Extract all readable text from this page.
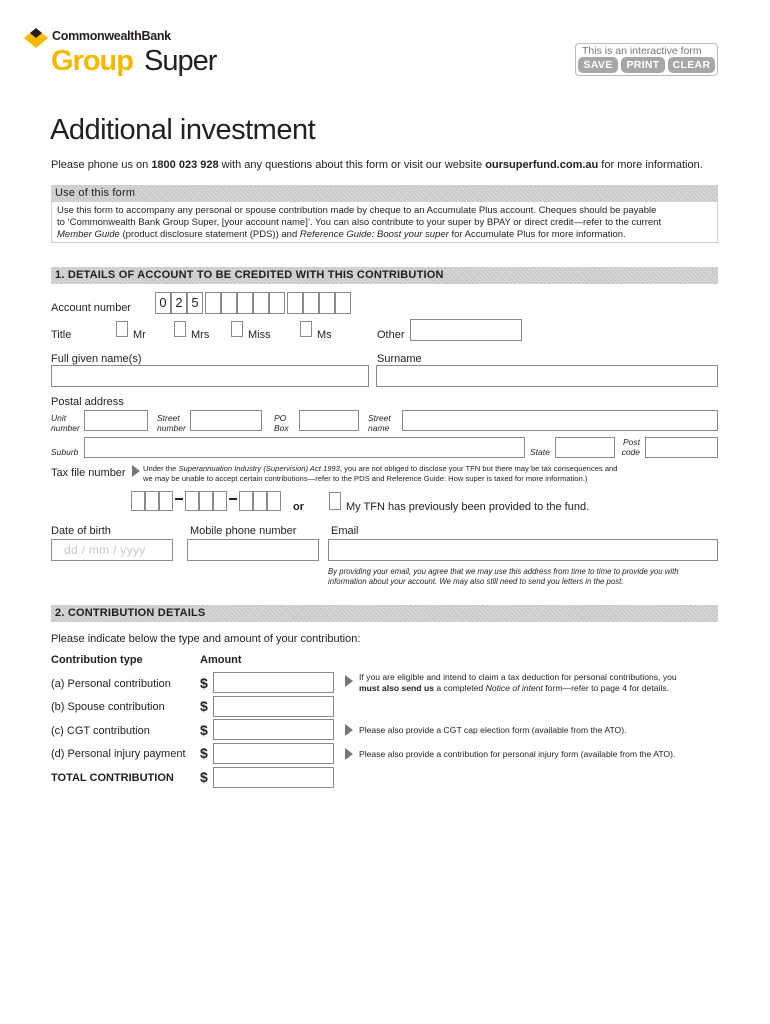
CommonwealthBank
Group Super	This is an interactive form
SAVE	PRINT	CLEAR
Additional investment
Please phone us on 1800 023 928 with any questions about this form or visit our website oursuperfund.com.au for more information.
Use of this form
Use this form to accompany any personal or spouse contribution made by cheque to an Accumulate Plus account. Cheques should be payable
to ‘Commonwealth Bank Group Super, [your account name]’. You can also contribute to your super by BPAY or direct credit—refer to the current
Member Guide (product disclosure statement (PDS)) and Reference Guide: Boost your super for Accumulate Plus for more information.
1. DETAILS OF ACCOUNT TO BE CREDITED WITH THIS CONTRIBUTION
Account number	0 2 5
Title	Mr	Mrs	Miss	Ms	Other
Full given name(s)	Surname
Postal address
Unit
number
Street
number
PO
Box
Street
name
Suburb	State
Post
code
Tax file number Under the Superannuation Industry (Supervision) Act 1993, you are not obliged to disclose your TFN but there may be tax consequences and
we may be unable to accept certain contributions—refer to the PDS and Reference Guide: How super is taxed for more information.)
or	My TFN has previously been provided to the fund.
Date of birth
dd / mm / yyyy
Mobile phone number	Email
By providing your email, you agree that we may use this address from time to time to provide you with
information about your account. We may also still need to send you letters in the post.
2. CONTRIBUTION DETAILS
Please indicate below the type and amount of your contribution:
Contribution type	Amount
(a) Personal contribution $
(b) Spouse contribution	$
(c) CGT contribution	$
(d) Personal injury payment $
TOTAL CONTRIBUTION $
If you are eligible and intend to claim a tax deduction for personal contributions, you
must also send us a completed Notice of intent form—refer to page 4 for details.
Please also provide a CGT cap election form (available from the ATO).
Please also provide a contribution for personal injury form (available from the ATO).
